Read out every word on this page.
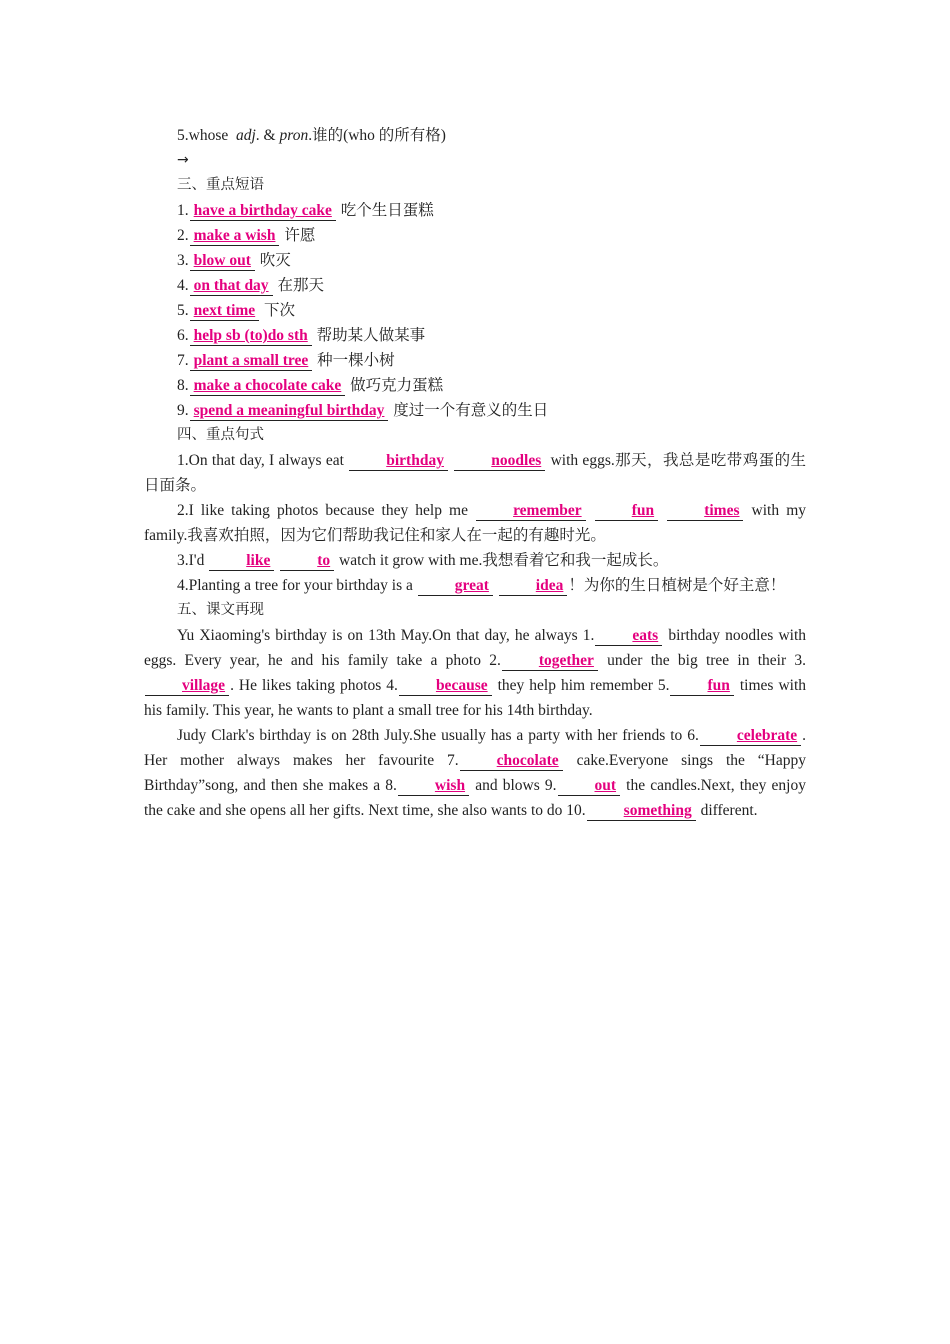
5.whose adj. & pron.谁的(who 的所有格)
→
三、重点短语
1. have a birthday cake 吃个生日蛋糕
2. make a wish 许愿
3. blow out 吹灭
4. on that day 在那天
5. next time 下次
6. help sb (to)do sth 帮助某人做某事
7. plant a small tree 种一棵小树
8. make a chocolate cake 做巧克力蛋糕
9. spend a meaningful birthday 度过一个有意义的生日
四、重点句式
1.On that day, I always eat birthday	noodles with eggs.那天，我总是吃带鸡蛋的生日面条。
2.I like taking photos because they help me remember	fun	times with my family.我喜欢拍照，因为它们帮助我记住和家人在一起的有趣时光。
3.I'd like	to watch it grow with me.我想看着它和我一起成长。
4.Planting a tree for your birthday is a great	idea ！为你的生日植树是个好主意！
五、课文再现
Yu Xiaoming's birthday is on 13th May.On that day, he always 1. eats birthday noodles with eggs. Every year, he and his family take a photo 2. together under the big tree in their 3.village . He likes taking photos 4. because they help him remember 5. fun times with his family. This year, he wants to plant a small tree for his 14th birthday.
Judy Clark's birthday is on 28th July.She usually has a party with her friends to 6. celebrate . Her mother always makes her favourite 7. chocolate cake.Everyone sings the “Happy Birthday”song, and then she makes a 8. wish and blows 9. out the candles.Next, they enjoy the cake and she opens all her gifts. Next time, she also wants to do 10. something different.
